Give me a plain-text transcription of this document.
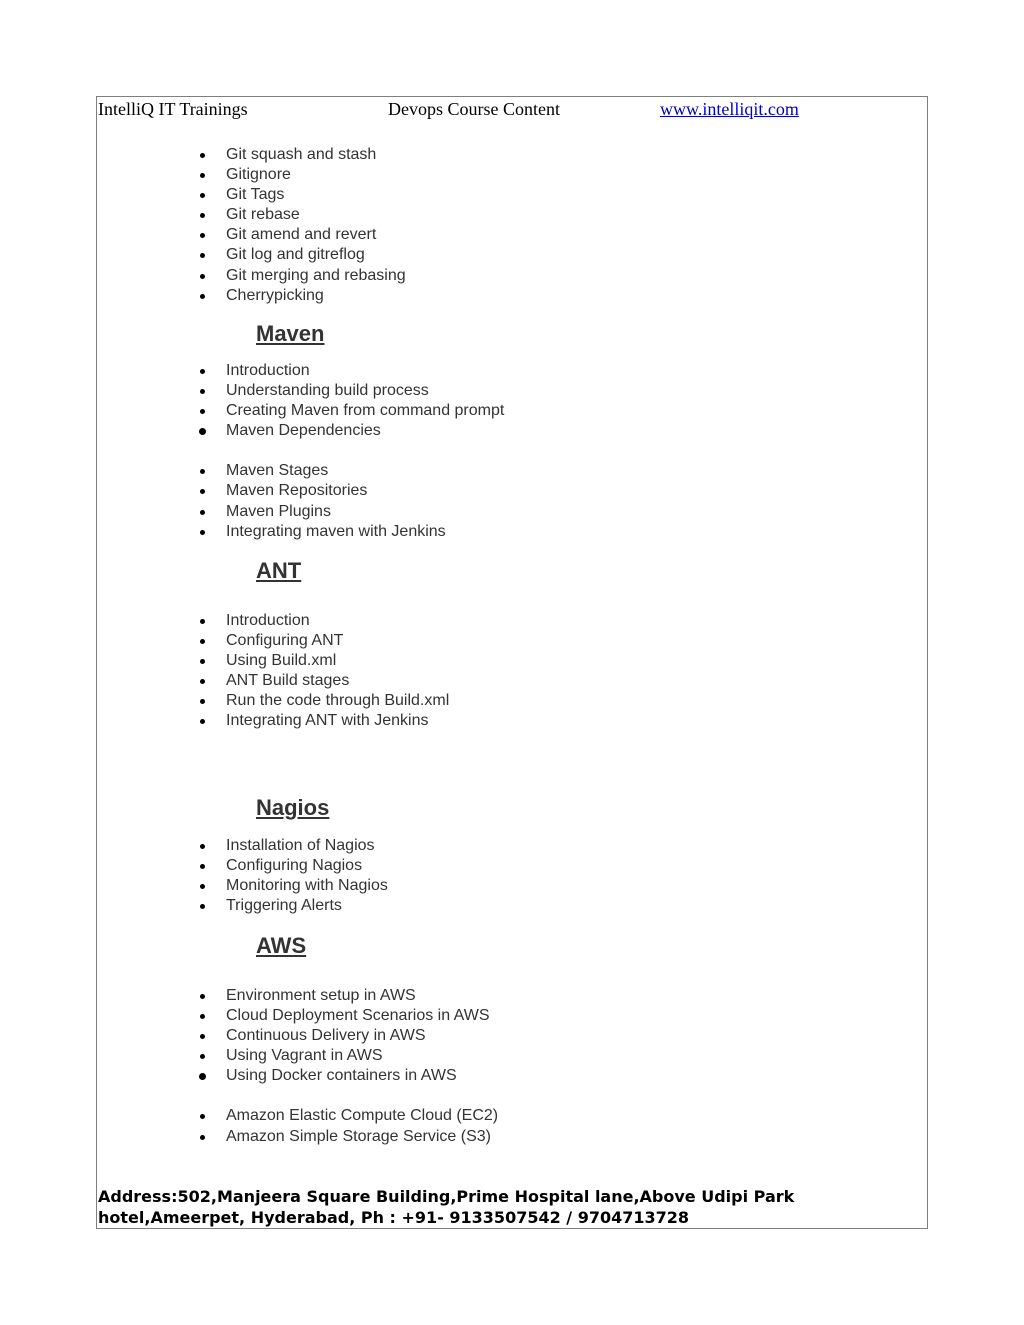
IntelliQ IT Trainings	Devops Course Content	www.intelliqit.com
Git squash and stash
Gitignore
Git Tags
Git rebase
Git amend and revert
Git log and gitreflog
Git merging and rebasing
Cherrypicking
Maven
Introduction
Understanding build process
Creating Maven from command prompt
Maven Dependencies
Maven Stages
Maven Repositories
Maven Plugins
Integrating maven with Jenkins
ANT
Introduction
Configuring ANT
Using Build.xml
ANT Build stages
Run the code through Build.xml
Integrating ANT with Jenkins
Nagios
Installation of Nagios
Configuring Nagios
Monitoring with Nagios
Triggering Alerts
AWS
Environment setup in AWS
Cloud Deployment Scenarios in AWS
Continuous Delivery in AWS
Using Vagrant in AWS
Using Docker containers in AWS
Amazon Elastic Compute Cloud (EC2)
Amazon Simple Storage Service (S3)
Address:502,Manjeera Square Building,Prime Hospital lane,Above Udipi Park hotel,Ameerpet, Hyderabad, Ph : +91- 9133507542 / 9704713728
